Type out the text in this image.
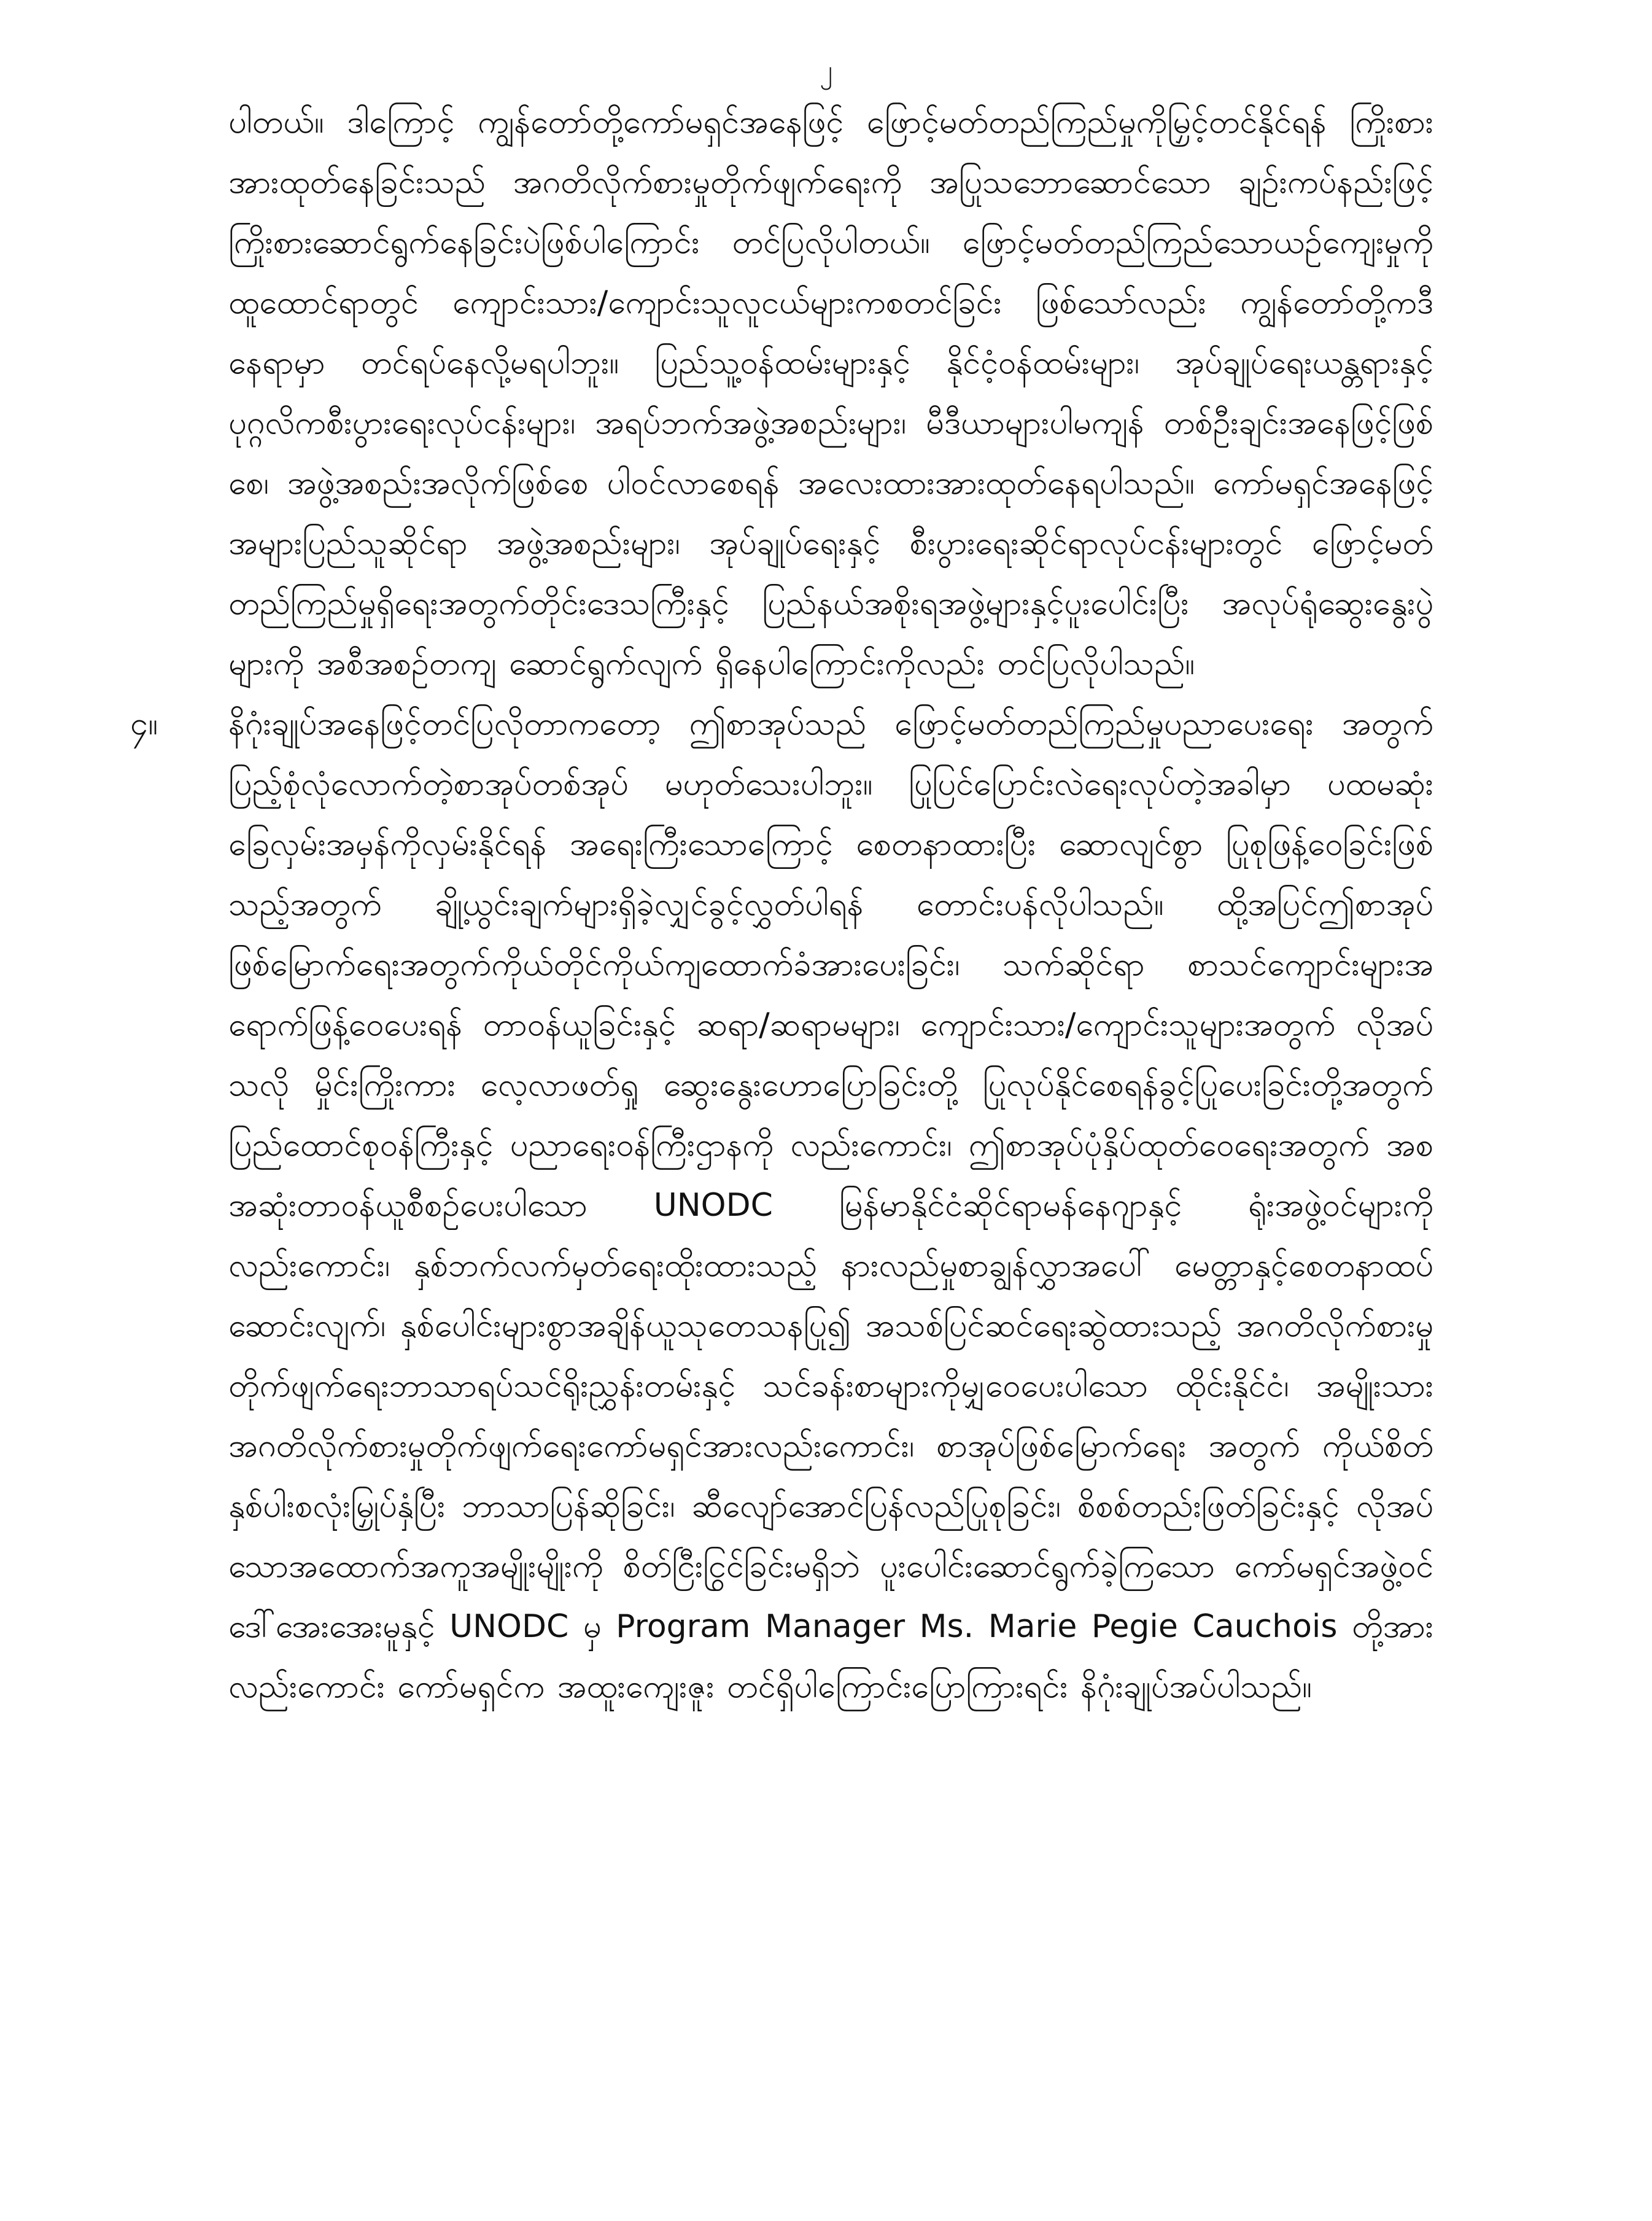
၂

ပါတယ်။ ဒါကြောင့် ကျွန်တော်တို့ကော်မရှင်အနေဖြင့် ဖြောင့်မတ်တည်ကြည်မှုကိုမြှင့်တင်နိုင်ရန် ကြိုးစားအားထုတ်နေခြင်းသည် အဂတိလိုက်စားမှုတိုက်ဖျက်ရေးကို အပြုသဘောဆောင်သော ချဉ်းကပ်နည်းဖြင့် ကြိုးစားဆောင်ရွက်နေခြင်းပဲဖြစ်ပါကြောင်း တင်ပြလိုပါတယ်။ ဖြောင့်မတ်တည်ကြည်သောယဉ်ကျေးမှုကိုထူထောင်ရာတွင် ကျောင်းသား/ကျောင်းသူလူငယ်များကစတင်ခြင်း ဖြစ်သော်လည်း ကျွန်တော်တို့ကဒီနေရာမှာ တင်ရပ်နေလို့မရပါဘူး။ ပြည်သူ့ဝန်ထမ်းများနှင့် နိုင်ငံ့ဝန်ထမ်းများ၊ အုပ်ချုပ်ရေးယန္တရားနှင့် ပုဂ္ဂလိကစီးပွားရေးလုပ်ငန်းများ၊ အရပ်ဘက်အဖွဲ့အစည်းများ၊ မီဒီယာများပါမကျန် တစ်ဦးချင်းအနေဖြင့်ဖြစ်စေ၊ အဖွဲ့အစည်းအလိုက်ဖြစ်စေ ပါဝင်လာစေရန် အလေးထားအားထုတ်နေရပါသည်။ ကော်မရှင်အနေဖြင့် အများပြည်သူဆိုင်ရာ အဖွဲ့အစည်းများ၊ အုပ်ချုပ်ရေးနှင့် စီးပွားရေးဆိုင်ရာလုပ်ငန်းများတွင် ဖြောင့်မတ်တည်ကြည်မှုရှိရေးအတွက်တိုင်းဒေသကြီးနှင့် ပြည်နယ်အစိုးရအဖွဲ့များနှင့်ပူးပေါင်းပြီး အလုပ်ရုံဆွေးနွေးပွဲများကို အစီအစဉ်တကျ ဆောင်ရွက်လျက် ရှိနေပါကြောင်းကိုလည်း တင်ပြလိုပါသည်။

၄။ နိဂုံးချုပ်အနေဖြင့်တင်ပြလိုတာကတော့ ဤစာအုပ်သည် ဖြောင့်မတ်တည်ကြည်မှုပညာပေးရေး အတွက် ပြည့်စုံလုံလောက်တဲ့စာအုပ်တစ်အုပ် မဟုတ်သေးပါဘူး။ ပြုပြင်ပြောင်းလဲရေးလုပ်တဲ့အခါမှာ ပထမဆုံးခြေလှမ်းအမှန်ကိုလှမ်းနိုင်ရန် အရေးကြီးသောကြောင့် စေတနာထားပြီး ဆောလျင်စွာ ပြုစုဖြန့်ဝေခြင်းဖြစ်သည့်အတွက် ချို့ယွင်းချက်များရှိခဲ့လျှင်ခွင့်လွှတ်ပါရန် တောင်းပန်လိုပါသည်။ ထို့အပြင်ဤစာအုပ်ဖြစ်မြောက်ရေးအတွက်ကိုယ်တိုင်ကိုယ်ကျထောက်ခံအားပေးခြင်း၊ သက်ဆိုင်ရာ စာသင်ကျောင်းများအရောက်ဖြန့်ဝေပေးရန် တာဝန်ယူခြင်းနှင့် ဆရာ/ဆရာမများ၊ ကျောင်းသား/ကျောင်းသူများအတွက် လိုအပ်သလို မှိုင်းကြိုးကား လေ့လာဖတ်ရှု ဆွေးနွေးဟောပြောခြင်းတို့ ပြုလုပ်နိုင်စေရန်ခွင့်ပြုပေးခြင်းတို့အတွက် ပြည်ထောင်စုဝန်ကြီးနှင့် ပညာရေးဝန်ကြီးဌာနကို လည်းကောင်း၊ ဤစာအုပ်ပုံနှိပ်ထုတ်ဝေရေးအတွက် အစအဆုံးတာဝန်ယူစီစဉ်ပေးပါသော UNODC မြန်မာနိုင်ငံဆိုင်ရာမန်နေဂျာနှင့် ရုံးအဖွဲ့ဝင်များကိုလည်းကောင်း၊ နှစ်ဘက်လက်မှတ်ရေးထိုးထားသည့် နားလည်မှုစာချွန်လွှာအပေါ် မေတ္တာနှင့်စေတနာထပ်ဆောင်းလျက်၊ နှစ်ပေါင်းများစွာအချိန်ယူသုတေသနပြု၍ အသစ်ပြင်ဆင်ရေးဆွဲထားသည့် အဂတိလိုက်စားမှု တိုက်ဖျက်ရေးဘာသာရပ်သင်ရိုးညွှန်းတမ်းနှင့် သင်ခန်းစာများကိုမျှဝေပေးပါသော ထိုင်းနိုင်ငံ၊ အမျိုးသားအဂတိလိုက်စားမှုတိုက်ဖျက်ရေးကော်မရှင်အားလည်းကောင်း၊ စာအုပ်ဖြစ်မြောက်ရေး အတွက် ကိုယ်စိတ်နှစ်ပါးစလုံးမြှုပ်နှံပြီး ဘာသာပြန်ဆိုခြင်း၊ ဆီလျော်အောင်ပြန်လည်ပြုစုခြင်း၊ စိစစ်တည်းဖြတ်ခြင်းနှင့် လိုအပ်သောအထောက်အကူအမျိုးမျိုးကို စိတ်ငြီးငြွင်ခြင်းမရှိဘဲ ပူးပေါင်းဆောင်ရွက်ခဲ့ကြသော ကော်မရှင်အဖွဲ့ဝင်ဒေါ်အေးအေးမူနှင့် UNODC မှ Program Manager Ms. Marie Pegie Cauchois တို့အားလည်းကောင်း ကော်မရှင်က အထူးကျေးဇူး တင်ရှိပါကြောင်းပြောကြားရင်း နိဂုံးချုပ်အပ်ပါသည်။
